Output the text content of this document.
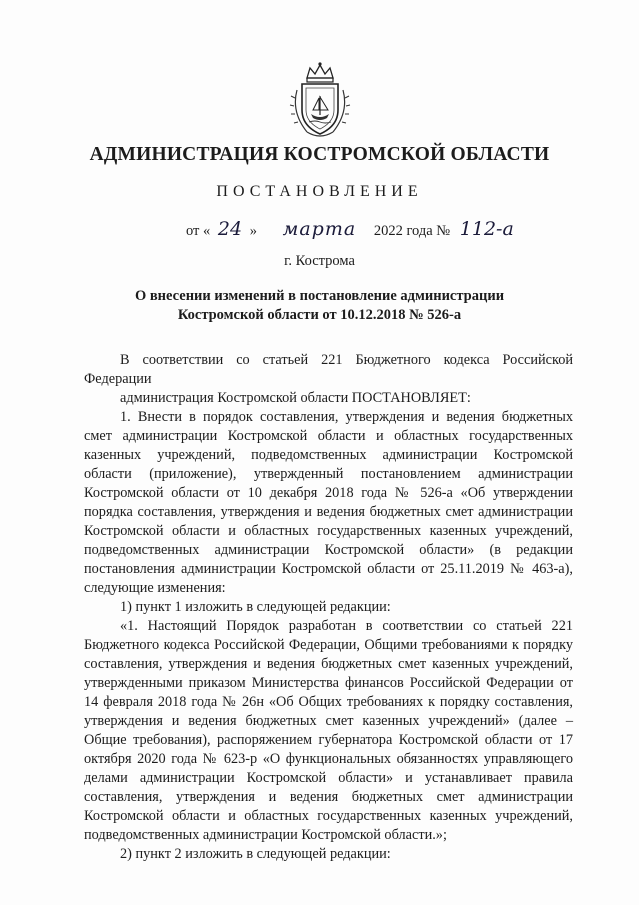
АДМИНИСТРАЦИЯ КОСТРОМСКОЙ ОБЛАСТИ
ПОСТАНОВЛЕНИЕ
от « 24 » марта 2022 года № 112-а
г. Кострома
О внесении изменений в постановление администрации
Костромской области от 10.12.2018 № 526-а

В соответствии со статьей 221 Бюджетного кодекса Российской Федерации

администрация Костромской области ПОСТАНОВЛЯЕТ:

1. Внести в порядок составления, утверждения и ведения бюджетных смет администрации Костромской области и областных государственных казенных учреждений, подведомственных администрации Костромской области (приложение), утвержденный постановлением администрации Костромской области от 10 декабря 2018 года № 526-а «Об утверждении порядка составления, утверждения и ведения бюджетных смет администрации Костромской области и областных государственных казенных учреждений, подведомственных администрации Костромской области» (в редакции постановления администрации Костромской области от 25.11.2019 № 463-а), следующие изменения:

1) пункт 1 изложить в следующей редакции:

«1. Настоящий Порядок разработан в соответствии со статьей 221 Бюджетного кодекса Российской Федерации, Общими требованиями к порядку составления, утверждения и ведения бюджетных смет казенных учреждений, утвержденными приказом Министерства финансов Российской Федерации от 14 февраля 2018 года № 26н «Об Общих требованиях к порядку составления, утверждения и ведения бюджетных смет казенных учреждений» (далее – Общие требования), распоряжением губернатора Костромской области от 17 октября 2020 года № 623-р «О функциональных обязанностях управляющего делами администрации Костромской области» и устанавливает правила составления, утверждения и ведения бюджетных смет администрации Костромской области и областных государственных казенных учреждений, подведомственных администрации Костромской области.»;

2) пункт 2 изложить в следующей редакции:
